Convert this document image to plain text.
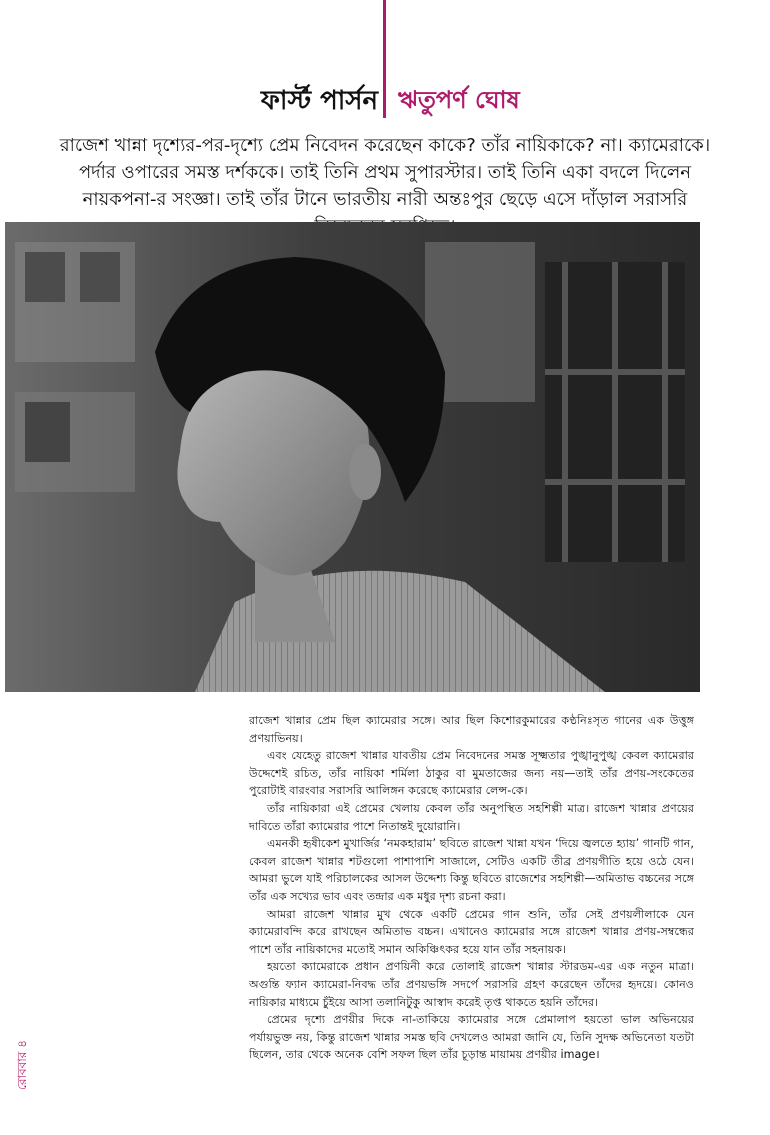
ফার্স্ট পার্সন ঋতুপর্ণ ঘোষ
রাজেশ খান্না দৃশ্যের-পর-দৃশ্যে প্রেম নিবেদন করেছেন কাকে? তাঁর নায়িকাকে? না। ক্যামেরাকে। পর্দার ওপারের সমস্ত দর্শককে। তাই তিনি প্রথম সুপারস্টার। তাই তিনি একা বদলে দিলেন নায়কপনা-র সংজ্ঞা। তাই তাঁর টানে ভারতীয় নারী অন্তঃপুর ছেড়ে এসে দাঁড়াল সরাসরি

রাজেশ খান্নার প্রেম ছিল ক্যামেরার সঙ্গে। আর ছিল কিশোরকুমারের কণ্ঠনিঃসৃত গানের এক উত্তুঙ্গ প্রণয়াভিনয়।

এবং যেহেতু রাজেশ খান্নার যাবতীয় প্রেম নিবেদনের সমস্ত সূক্ষ্মতার পুঙ্খানুপুঙ্খ কেবল ক্যামেরার উদ্দেশেই রচিত, তাঁর নায়িকা শর্মিলা ঠাকুর বা মুমতাজের জন্য নয়—তাই তাঁর প্রণয়-সংকেতের পুরোটাই বারংবার সরাসরি আলিঙ্গন করেছে ক্যামেরার লেন্স-কে।

তাঁর নায়িকারা এই প্রেমের খেলায় কেবল তাঁর অনুপস্থিত সহশিল্পী মাত্র। রাজেশ খান্নার প্রণয়ের দাবিতে তাঁরা ক্যামেরার পাশে নিতান্তই দুয়োরানি।

এমনকী হৃষীকেশ মুখার্জির ‘নমকহারাম’ ছবিতে রাজেশ খান্না যখন ‘দিয়ে জ্বলতে হ্যায়’ গানটি গান, কেবল রাজেশ খান্নার শটগুলো পাশাপাশি সাজালে, সেটিও একটি তীব্র প্রণয়গীতি হয়ে ওঠে যেন। আমরা ভুলে যাই পরিচালকের আসল উদ্দেশ্য কিন্তু ছবিতে রাজেশের সহশিল্পী—অমিতাভ বচ্চনের সঙ্গে তাঁর এক সখ্যের ভাব এবং তন্দ্রার এক মধুর দৃশ্য রচনা করা।

আমরা রাজেশ খান্নার মুখ থেকে একটি প্রেমের গান শুনি, তাঁর সেই প্রণয়লীলাকে যেন ক্যামেরাবন্দি করে রাখছেন অমিতাভ বচ্চন। এখানেও ক্যামেরার সঙ্গে রাজেশ খান্নার প্রণয়-সম্বন্ধের পাশে তাঁর নায়িকাদের মতোই সমান অকিঞ্চিৎকর হয়ে যান তাঁর সহনায়ক।

হয়তো ক্যামেরাকে প্রধান প্রণয়িনী করে তোলাই রাজেশ খান্নার স্টারডম-এর এক নতুন মাত্রা। অগুন্তি ফ্যান ক্যামেরা-নিবদ্ধ তাঁর প্রণয়ভঙ্গি সদর্পে সরাসরি গ্রহণ করেছেন তাঁদের হৃদয়ে। কোনও নায়িকার মাধ্যমে চুঁইয়ে আসা তলানিটুকু আস্বাদ করেই তৃপ্ত থাকতে হয়নি তাঁদের।

প্রেমের দৃশ্যে প্রণয়ীর দিকে না-তাকিয়ে ক্যামেরার সঙ্গে প্রেমালাপ হয়তো ভাল অভিনয়ের পর্যায়ভুক্ত নয়, কিন্তু রাজেশ খান্নার সমস্ত ছবি দেখলেও আমরা জানি যে, তিনি সুদক্ষ অভিনেতা যতটা ছিলেন, তার থেকে অনেক বেশি সফল ছিল তাঁর চূড়ান্ত মায়াময় প্রণয়ীর image।

রোববার ৪
